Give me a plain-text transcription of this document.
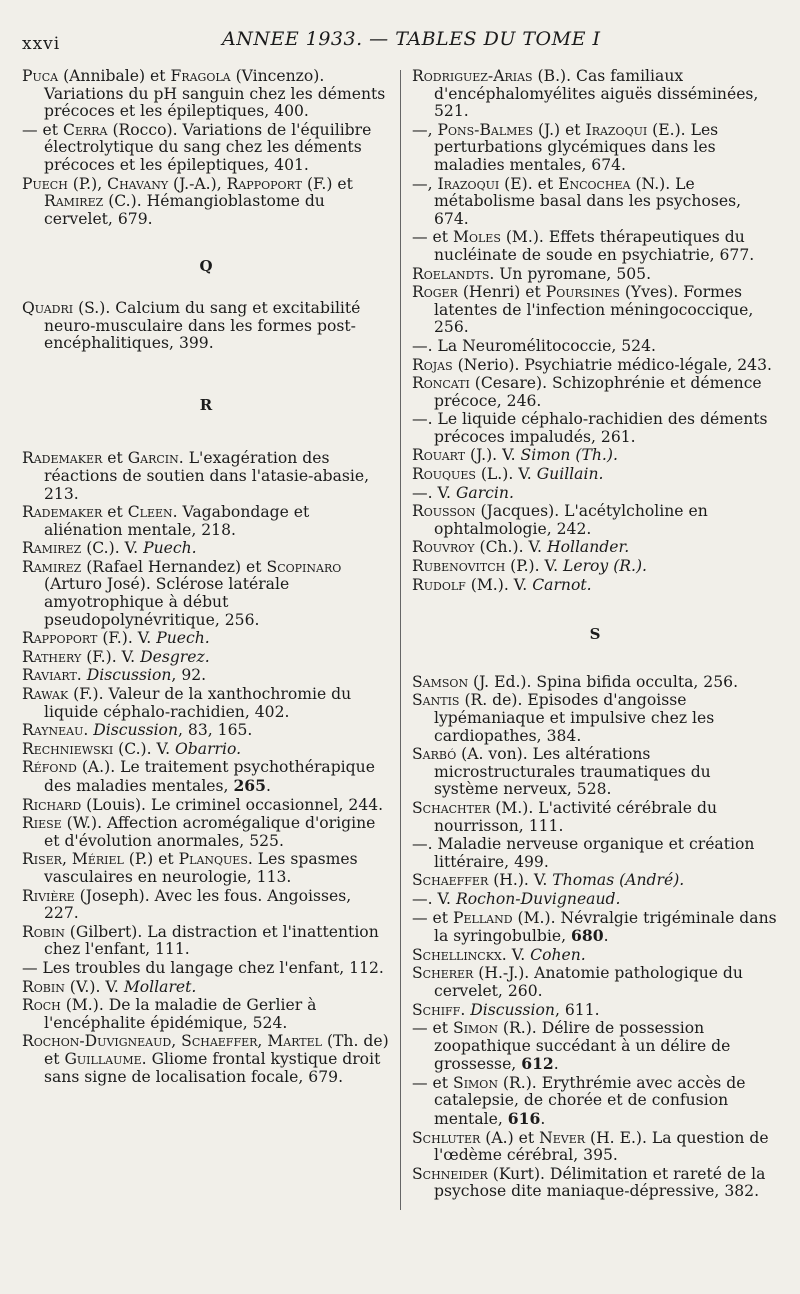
xxvi	ANNEE 1933. — TABLES DU TOME I

Puca (Annibale) et Fragola (Vincenzo). Variations du pH sanguin chez les déments précoces et les épileptiques, 400.

— et Cerra (Rocco). Variations de l'équilibre électrolytique du sang chez les déments précoces et les épileptiques, 401.

Puech (P.), Chavany (J.-A.), Rappoport (F.) et Ramirez (C.). Hémangioblastome du cervelet, 679.

Q

Quadri (S.). Calcium du sang et excitabilité neuro-musculaire dans les formes post-encéphalitiques, 399.

R

Rademaker et Garcin. L'exagération des réactions de soutien dans l'atasie-abasie, 213.

Rademaker et Cleen. Vagabondage et aliénation mentale, 218.

Ramirez (C.). V. Puech.

Ramirez (Rafael Hernandez) et Scopinaro (Arturo José). Sclérose latérale amyotrophique à début pseudopolynévritique, 256.

Rappoport (F.). V. Puech.

Rathery (F.). V. Desgrez.

Raviart. Discussion, 92.

Rawak (F.). Valeur de la xanthochromie du liquide céphalo-rachidien, 402.

Rayneau. Discussion, 83, 165.

Rechniewski (C.). V. Obarrio.

Réfond (A.). Le traitement psychothérapique des maladies mentales, 265.

Richard (Louis). Le criminel occasionnel, 244.

Riese (W.). Affection acromégalique d'origine et d'évolution anormales, 525.

Riser, Mériel (P.) et Planques. Les spasmes vasculaires en neurologie, 113.

Rivière (Joseph). Avec les fous. Angoisses, 227.

Robin (Gilbert). La distraction et l'inattention chez l'enfant, 111.

— Les troubles du langage chez l'enfant, 112.

Robin (V.). V. Mollaret.

Roch (M.). De la maladie de Gerlier à l'encéphalite épidémique, 524.

Rochon-Duvigneaud, Schaeffer, Martel (Th. de) et Guillaume. Gliome frontal kystique droit sans signe de localisation focale, 679.

Rodriguez-Arias (B.). Cas familiaux d'encéphalomyélites aiguës disséminées, 521.

—, Pons-Balmes (J.) et Irazoqui (E.). Les perturbations glycémiques dans les maladies mentales, 674.

—, Irazoqui (E). et Encochea (N.). Le métabolisme basal dans les psychoses, 674.

— et Moles (M.). Effets thérapeutiques du nucléinate de soude en psychiatrie, 677.

Roelandts. Un pyromane, 505.

Roger (Henri) et Poursines (Yves). Formes latentes de l'infection méningococcique, 256.

—. La Neuromélitococcie, 524.

Rojas (Nerio). Psychiatrie médico-légale, 243.

Roncati (Cesare). Schizophrénie et démence précoce, 246.

—. Le liquide céphalo-rachidien des déments précoces impaludés, 261.

Rouart (J.). V. Simon (Th.).

Rouques (L.). V. Guillain.

—. V. Garcin.

Rousson (Jacques). L'acétylcholine en ophtalmologie, 242.

Rouvroy (Ch.). V. Hollander.

Rubenovitch (P.). V. Leroy (R.).

Rudolf (M.). V. Carnot.

S

Samson (J. Ed.). Spina bifida occulta, 256.

Santis (R. de). Episodes d'angoisse lypémaniaque et impulsive chez les cardiopathes, 384.

Sarbó (A. von). Les altérations microstructurales traumatiques du système nerveux, 528.

Schachter (M.). L'activité cérébrale du nourrisson, 111.

—. Maladie nerveuse organique et création littéraire, 499.

Schaeffer (H.). V. Thomas (André).

—. V. Rochon-Duvigneaud.

— et Pelland (M.). Névralgie trigéminale dans la syringobulbie, 680.

Schellinckx. V. Cohen.

Scherer (H.-J.). Anatomie pathologique du cervelet, 260.

Schiff. Discussion, 611.

— et Simon (R.). Délire de possession zoopathique succédant à un délire de grossesse, 612.

— et Simon (R.). Erythrémie avec accès de catalepsie, de chorée et de confusion mentale, 616.

Schluter (A.) et Never (H. E.). La question de l'œdème cérébral, 395.

Schneider (Kurt). Délimitation et rareté de la psychose dite maniaque-dépressive, 382.
